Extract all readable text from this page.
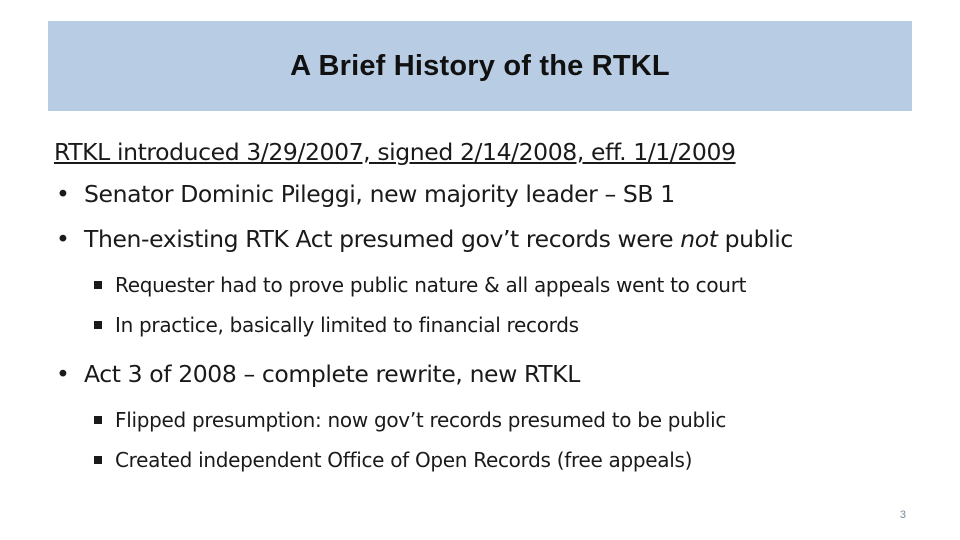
A Brief History of the RTKL
RTKL introduced 3/29/2007, signed 2/14/2008, eff. 1/1/2009
• Senator Dominic Pileggi, new majority leader – SB 1
• Then-existing RTK Act presumed gov’t records were not public
Requester had to prove public nature & all appeals went to court
In practice, basically limited to financial records
• Act 3 of 2008 – complete rewrite, new RTKL
Flipped presumption: now gov’t records presumed to be public
Created independent Office of Open Records (free appeals)
3
